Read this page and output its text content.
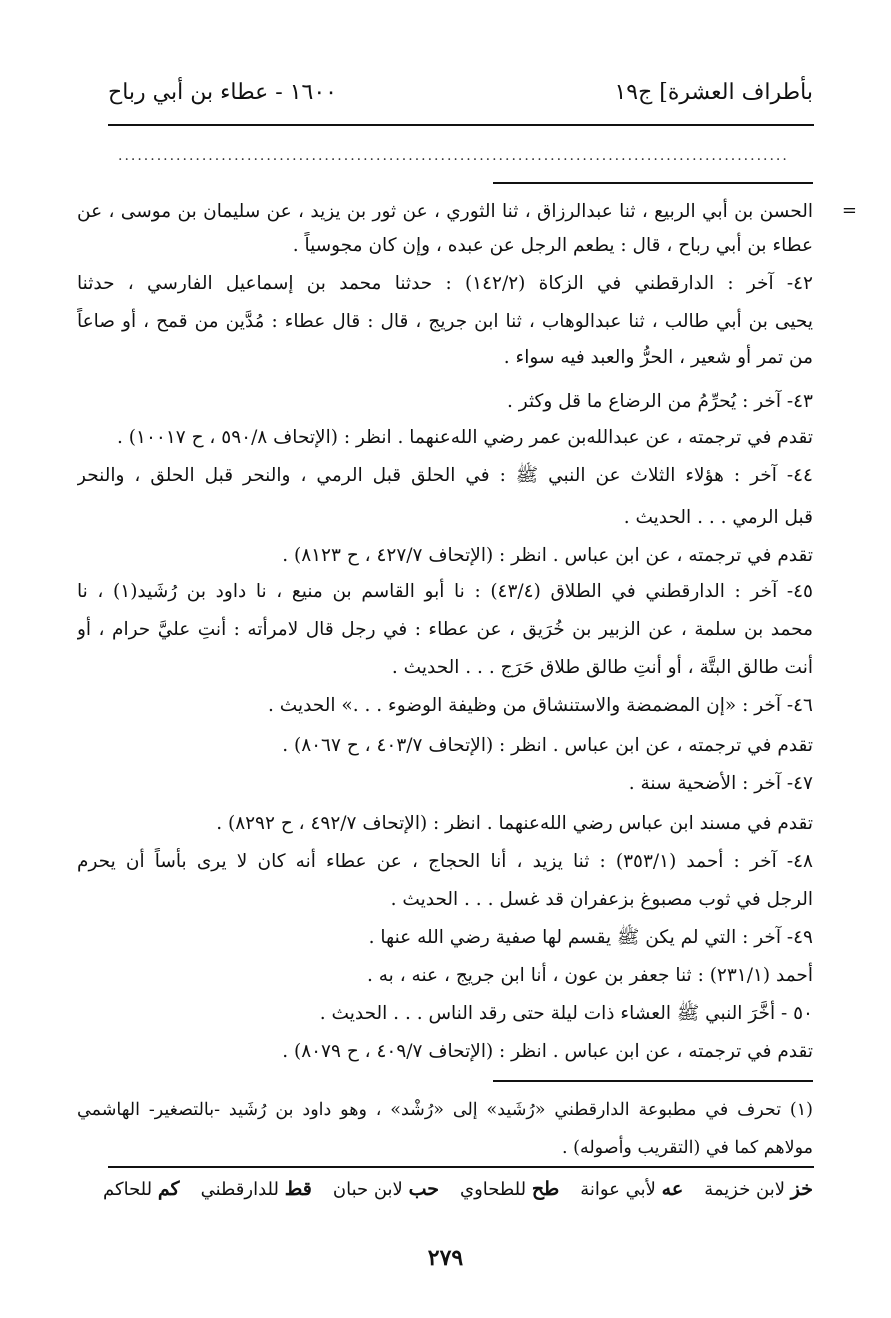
بأطراف العشرة] ج١٩
١٦٠٠ - عطاء بن أبي رباح
........................................................................................................
=
الحسن بن أبي الربيع ، ثنا عبدالرزاق ، ثنا الثوري ، عن ثور بن يزيد ، عن سليمان بن موسى ، عن
عطاء بن أبي رباح ، قال : يطعم الرجل عن عبده ، وإن كان مجوسياً .
٤٢- آخر : الدارقطني في الزكاة (١٤٢/٢) : حدثنا محمد بن إسماعيل الفارسي ، حدثنا
يحيى بن أبي طالب ، ثنا عبدالوهاب ، ثنا ابن جريج ، قال : قال عطاء : مُدَّين من قمح ، أو صاعاً
من تمر أو شعير ، الحرُّ والعبد فيه سواء .
٤٣- آخر : يُحرِّمُ من الرضاع ما قل وكثر .
تقدم في ترجمته ، عن عبدالله‌بن عمر رضي الله‌عنهما . انظر : (الإتحاف ٥٩٠/٨ ، ح ١٠٠١٧) .
٤٤- آخر : هؤلاء الثلاث عن النبي ﷺ : في الحلق قبل الرمي ، والنحر قبل الحلق ، والنحر
قبل الرمي . . . الحديث .
تقدم في ترجمته ، عن ابن عباس . انظر : (الإتحاف ٤٢٧/٧ ، ح ٨١٢٣) .
٤٥- آخر : الدارقطني في الطلاق (٤٣/٤) : نا أبو القاسم بن منيع ، نا داود بن رُشَيد(١) ، نا
محمد بن سلمة ، عن الزبير بن خُرَيق ، عن عطاء : في رجل قال لامرأته : أنتِ عليَّ حرام ، أو
أنت طالق البتَّة ، أو أنتِ طالق طلاق حَرَج . . . الحديث .
٤٦- آخر : «إن المضمضة والاستنشاق من وظيفة الوضوء . . .» الحديث .
تقدم في ترجمته ، عن ابن عباس . انظر : (الإتحاف ٤٠٣/٧ ، ح ٨٠٦٧) .
٤٧- آخر : الأضحية سنة .
تقدم في مسند ابن عباس رضي الله‌عنهما . انظر : (الإتحاف ٤٩٢/٧ ، ح ٨٢٩٢) .
٤٨- آخر : أحمد (٣٥٣/١) : ثنا يزيد ، أنا الحجاج ، عن عطاء أنه كان لا يرى بأساً أن يحرم
الرجل في ثوب مصبوغ بزعفران قد غسل . . . الحديث .
٤٩- آخر : التي لم يكن ﷺ يقسم لها صفية رضي الله عنها .
أحمد (٢٣١/١) : ثنا جعفر بن عون ، أنا ابن جريج ، عنه ، به .
٥٠ - أَخَّرَ النبي ﷺ العشاء ذات ليلة حتى رقد الناس . . . الحديث .
تقدم في ترجمته ، عن ابن عباس . انظر : (الإتحاف ٤٠٩/٧ ، ح ٨٠٧٩) .
(١) تحرف في مطبوعة الدارقطني «رُشَيد» إلى «رُشْد» ، وهو داود بن رُشَيد -بالتصغير- الهاشمي
مولاهم كما في (التقريب وأصوله) .
خز لابن خزيمة
عه لأبي عوانة
طح للطحاوي
حب لابن حبان
قط للدارقطني
كم للحاكم
٢٧٩
